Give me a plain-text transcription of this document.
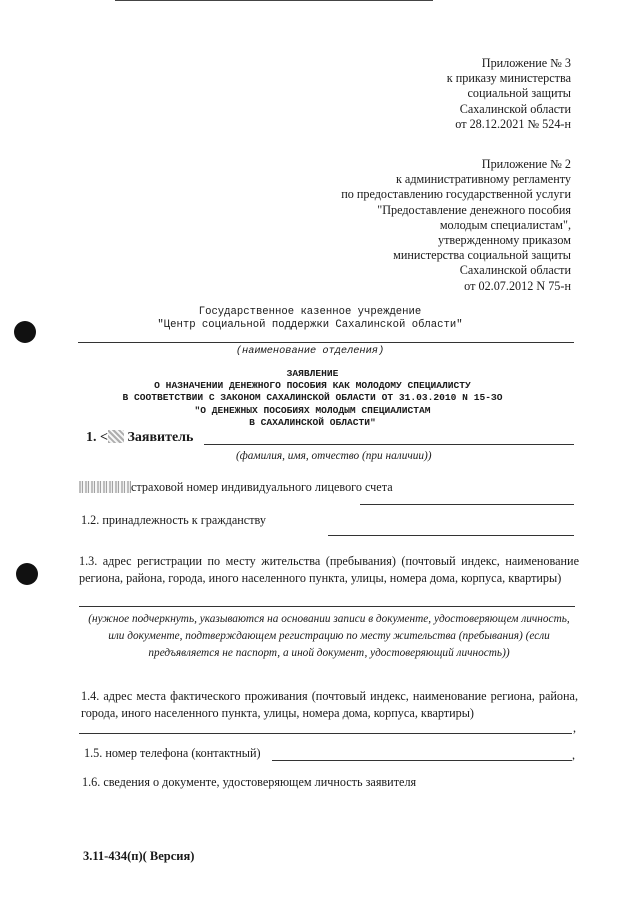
Приложение № 3
к приказу министерства
социальной защиты
Сахалинской области
от 28.12.2021 № 524-н
Приложение № 2
к административному регламенту
по предоставлению государственной услуги
"Предоставление денежного пособия
молодым специалистам",
утвержденному приказом
министерства социальной защиты
Сахалинской области
от 02.07.2012 N 75-н
Государственное казенное учреждение
"Центр социальной поддержки Сахалинской области"
(наименование отделения)
ЗАЯВЛЕНИЕ
О НАЗНАЧЕНИИ ДЕНЕЖНОГО ПОСОБИЯ КАК МОЛОДОМУ СПЕЦИАЛИСТУ
В СООТВЕТСТВИИ С ЗАКОНОМ САХАЛИНСКОЙ ОБЛАСТИ ОТ 31.03.2010 N 15-ЗО
"О ДЕНЕЖНЫХ ПОСОБИЯХ МОЛОДЫМ СПЕЦИАЛИСТАМ
В САХАЛИНСКОЙ ОБЛАСТИ"
1. < Заявитель
(фамилия, имя, отчество (при наличии))
страховой номер индивидуального лицевого счета
1.2. принадлежность к гражданству
1.3. адрес регистрации по месту жительства (пребывания) (почтовый индекс, наименование региона, района, города, иного населенного пункта, улицы, номера дома, корпуса, квартиры)
(нужное подчеркнуть, указываются на основании записи в документе, удостоверяющем личность, или документе, подтверждающем регистрацию по месту жительства (пребывания) (если предъявляется не паспорт, а иной документ, удостоверяющий личность))
1.4. адрес места фактического проживания (почтовый индекс, наименование региона, района, города, иного населенного пункта, улицы, номера дома, корпуса, квартиры)
,
1.5. номер телефона (контактный)	,
1.6. сведения о документе, удостоверяющем личность заявителя
3.11-434(п)( Версия)
